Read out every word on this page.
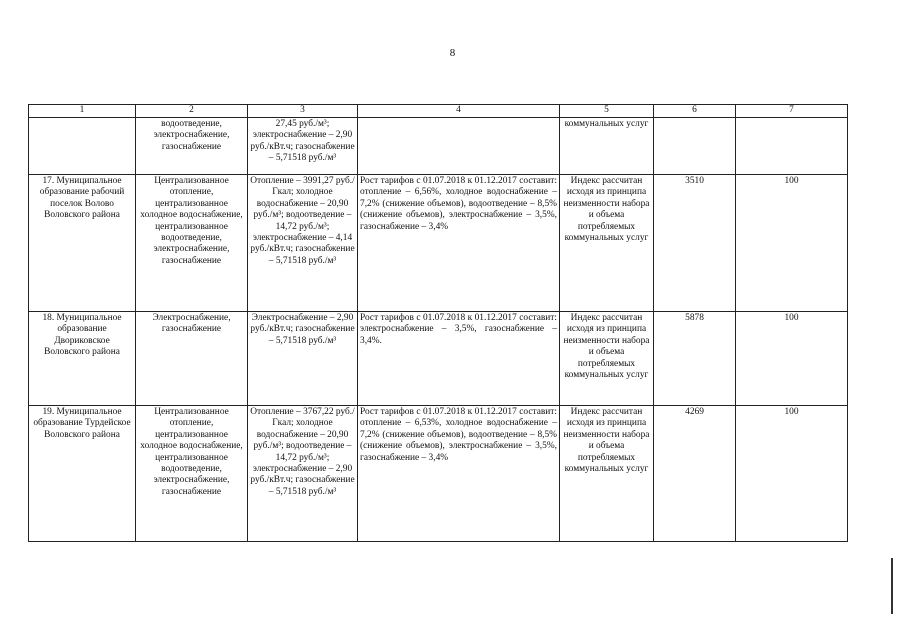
8
1	2	3	4	5	6	7
	водоотведение, электроснабжение, газоснабжение	27,45 руб./м³; электроснабжение – 2,90 руб./кВт.ч; газоснабжение – 5,71518 руб./м³		коммунальных услуг		
17. Муниципальное образование рабочий поселок Волово Воловского района	Централизованное отопление, централизованное холодное водоснабжение, централизованное водоотведение, электроснабжение, газоснабжение	Отопление – 3991,27 руб./Гкал; холодное водоснабжение – 20,90 руб./м³; водоотведение – 14,72 руб./м³; электроснабжение – 4,14 руб./кВт.ч; газоснабжение – 5,71518 руб./м³	Рост тарифов с 01.07.2018 к 01.12.2017 составит: отопление – 6,56%, холодное водоснабжение – 7,2% (снижение объемов), водоотведение – 8,5% (снижение объемов), электроснабжение – 3,5%, газоснабжение – 3,4%	Индекс рассчитан исходя из принципа неизменности набора и объема потребляемых коммунальных услуг	3510	100
18. Муниципальное образование Двориковское Воловского района	Электроснабжение, газоснабжение	Электроснабжение – 2,90 руб./кВт.ч; газоснабжение – 5,71518 руб./м³	Рост тарифов с 01.07.2018 к 01.12.2017 составит: электроснабжение – 3,5%, газоснабжение – 3,4%.	Индекс рассчитан исходя из принципа неизменности набора и объема потребляемых коммунальных услуг	5878	100
19. Муниципальное образование Турдейское Воловского района	Централизованное отопление, централизованное холодное водоснабжение, централизованное водоотведение, электроснабжение, газоснабжение	Отопление – 3767,22 руб./Гкал; холодное водоснабжение – 20,90 руб./м³; водоотведение – 14,72 руб./м³; электроснабжение – 2,90 руб./кВт.ч; газоснабжение – 5,71518 руб./м³	Рост тарифов с 01.07.2018 к 01.12.2017 составит: отопление – 6,53%, холодное водоснабжение – 7,2% (снижение объемов), водоотведение – 8,5% (снижение объемов), электроснабжение – 3,5%, газоснабжение – 3,4%	Индекс рассчитан исходя из принципа неизменности набора и объема потребляемых коммунальных услуг	4269	100
